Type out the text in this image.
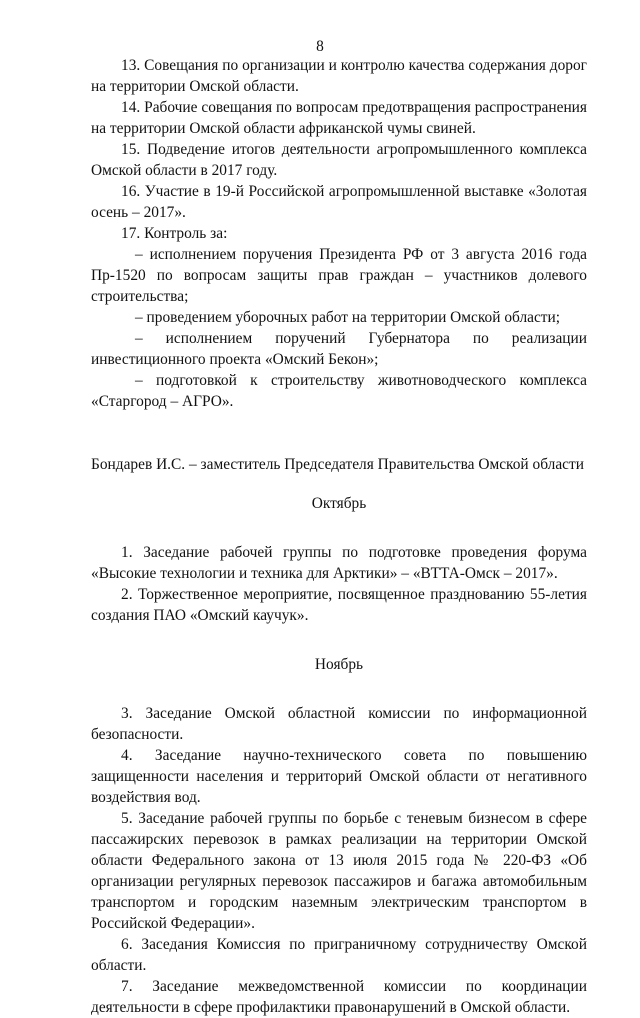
8

13. Совещания по организации и контролю качества содержания дорог на территории Омской области.

14. Рабочие совещания по вопросам предотвращения распространения на территории Омской области африканской чумы свиней.

15. Подведение итогов деятельности агропромышленного комплекса Омской области в 2017 году.

16. Участие в 19-й Российской агропромышленной выставке «Золотая осень – 2017».

17. Контроль за:

– исполнением поручения Президента РФ от 3 августа 2016 года Пр-1520 по вопросам защиты прав граждан – участников долевого строительства;

– проведением уборочных работ на территории Омской области;

– исполнением поручений Губернатора по реализации инвестиционного проекта «Омский Бекон»;

– подготовкой к строительству животноводческого комплекса «Старгород – АГРО».

Бондарев И.С. – заместитель Председателя Правительства Омской области

Октябрь

1. Заседание рабочей группы по подготовке проведения форума «Высокие технологии и техника для Арктики» – «ВТТА-Омск – 2017».

2. Торжественное мероприятие, посвященное празднованию 55-летия создания ПАО «Омский каучук».

Ноябрь

3. Заседание Омской областной комиссии по информационной безопасности.

4. Заседание научно-технического совета по повышению защищенности населения и территорий Омской области от негативного воздействия вод.

5. Заседание рабочей группы по борьбе с теневым бизнесом в сфере пассажирских перевозок в рамках реализации на территории Омской области Федерального закона от 13 июля 2015 года № 220-ФЗ «Об организации регулярных перевозок пассажиров и багажа автомобильным транспортом и городским наземным электрическим транспортом в Российской Федерации».

6. Заседания Комиссия по приграничному сотрудничеству Омской области.

7. Заседание межведомственной комиссии по координации деятельности в сфере профилактики правонарушений в Омской области.
